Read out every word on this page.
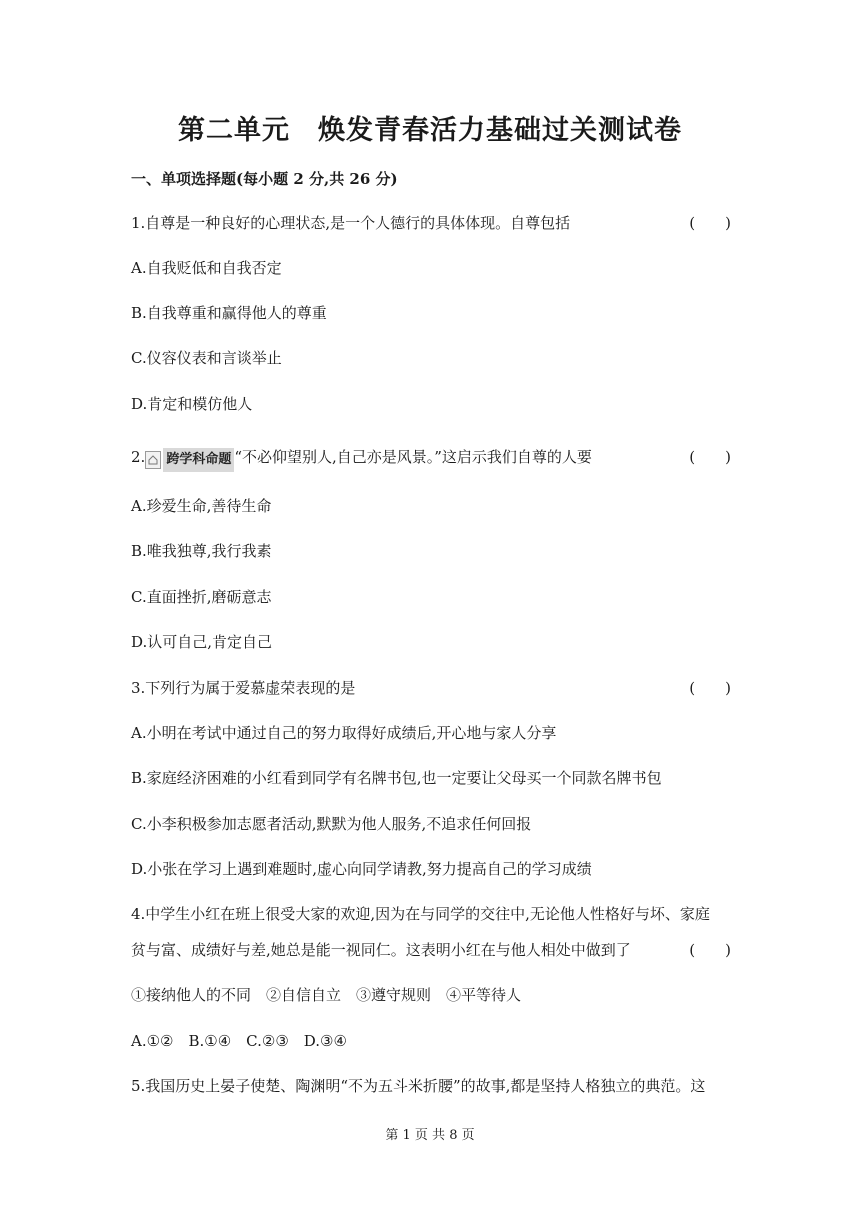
第二单元　焕发青春活力基础过关测试卷
一、单项选择题(每小题 2 分,共 26 分)
1.自尊是一种良好的心理状态,是一个人德行的具体体现。自尊包括	(　　)
A.自我贬低和自我否定
B.自我尊重和赢得他人的尊重
C.仪容仪表和言谈举止
D.肯定和模仿他人
2. 跨学科命题 “不必仰望别人,自己亦是风景。”这启示我们自尊的人要	(　　)
A.珍爱生命,善待生命
B.唯我独尊,我行我素
C.直面挫折,磨砺意志
D.认可自己,肯定自己
3.下列行为属于爱慕虚荣表现的是	(　　)
A.小明在考试中通过自己的努力取得好成绩后,开心地与家人分享
B.家庭经济困难的小红看到同学有名牌书包,也一定要让父母买一个同款名牌书包
C.小李积极参加志愿者活动,默默为他人服务,不追求任何回报
D.小张在学习上遇到难题时,虚心向同学请教,努力提高自己的学习成绩
4.中学生小红在班上很受大家的欢迎,因为在与同学的交往中,无论他人性格好与坏、家庭
贫与富、成绩好与差,她总是能一视同仁。这表明小红在与他人相处中做到了	(　　)
①接纳他人的不同　②自信自立　③遵守规则　④平等待人
A.①②　B.①④　C.②③　D.③④
5.我国历史上晏子使楚、陶渊明“不为五斗米折腰”的故事,都是坚持人格独立的典范。这
第 1 页 共 8 页
